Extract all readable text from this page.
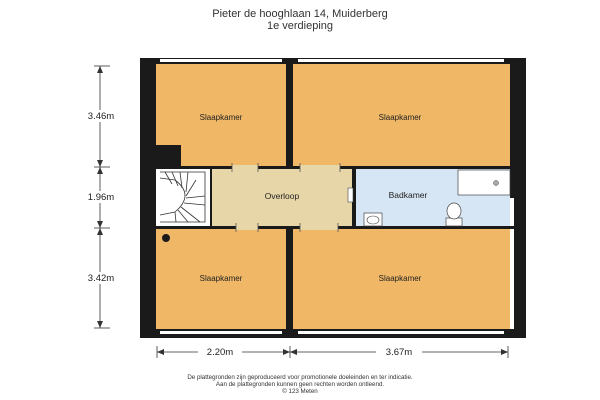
Pieter de hooghlaan 14, Muiderberg
1e verdieping
3.46m
1.96m
3.42m
2.20m	3.67m
Slaapkamer	Slaapkamer
Overloop	Badkamer
Slaapkamer	Slaapkamer
De plattegronden zijn geproduceerd voor promotionele doeleinden en ter indicatie.
Aan de plattegronden kunnen geen rechten worden ontleend.
© 123 Meten
